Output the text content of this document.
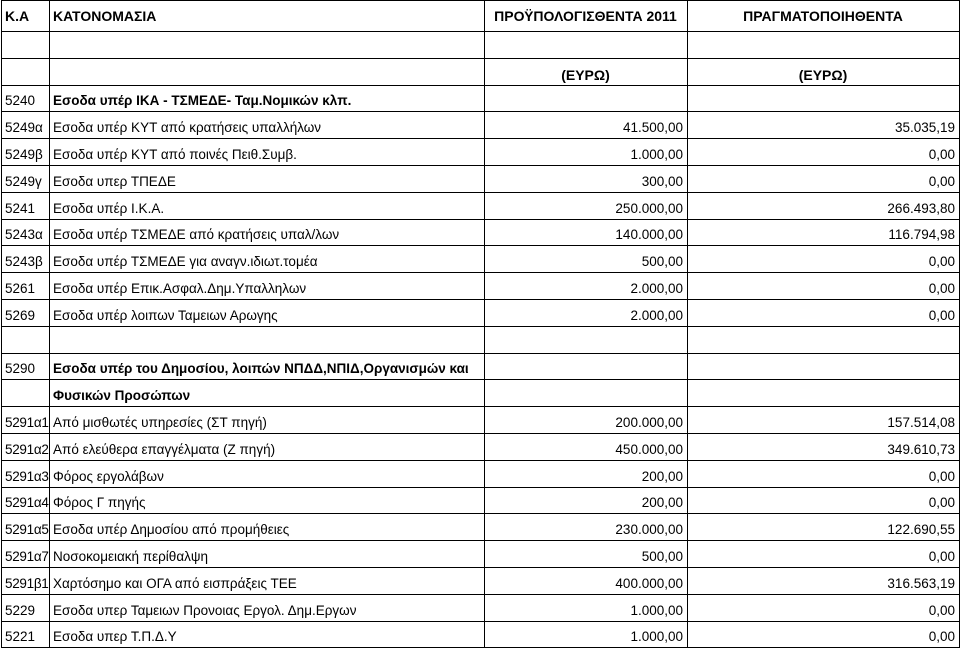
Κ.Α	ΚΑΤΟΝΟΜΑΣΙΑ	ΠΡΟΫΠΟΛΟΓΙΣΘΕΝΤΑ 2011	ΠΡΑΓΜΑΤΟΠΟΙΗΘΕΝΤΑ

		(ΕΥΡΩ)	(ΕΥΡΩ)
5240	Εσοδα υπέρ ΙΚΑ - ΤΣΜΕΔΕ- Ταμ.Νομικών κλπ.		
5249α	Εσοδα υπέρ ΚΥΤ από κρατήσεις υπαλλήλων	41.500,00	35.035,19
5249β	Εσοδα υπέρ ΚΥΤ από ποινές Πειθ.Συμβ.	1.000,00	0,00
5249γ	Εσοδα υπερ ΤΠΕΔΕ	300,00	0,00
5241	Εσοδα υπέρ Ι.Κ.Α.	250.000,00	266.493,80
5243α	Εσοδα υπέρ ΤΣΜΕΔΕ από κρατήσεις υπαλ/λων	140.000,00	116.794,98
5243β	Εσοδα υπέρ ΤΣΜΕΔΕ για αναγν.ιδιωτ.τομέα	500,00	0,00
5261	Εσοδα υπέρ Επικ.Ασφαλ.Δημ.Υπαλληλων	2.000,00	0,00
5269	Εσοδα υπέρ λοιπων Ταμειων Αρωγης	2.000,00	0,00

5290	Εσοδα υπέρ του Δημοσίου, λοιπών ΝΠΔΔ,ΝΠΙΔ,Οργανισμών και		
	Φυσικών Προσώπων		
5291α1	Από μισθωτές υπηρεσίες (ΣΤ πηγή)	200.000,00	157.514,08
5291α2	Από ελεύθερα επαγγέλματα (Ζ πηγή)	450.000,00	349.610,73
5291α3	Φόρος εργολάβων	200,00	0,00
5291α4	Φόρος Γ πηγής	200,00	0,00
5291α5	Εσοδα υπέρ Δημοσίου από προμήθειες	230.000,00	122.690,55
5291α7	Νοσοκομειακή περίθαλψη	500,00	0,00
5291β1	Χαρτόσημο και ΟΓΑ από εισπράξεις ΤΕΕ	400.000,00	316.563,19
5229	Εσοδα υπερ Ταμειων Προνοιας Εργολ. Δημ.Εργων	1.000,00	0,00
5221	Εσοδα υπερ Τ.Π.Δ.Υ	1.000,00	0,00
